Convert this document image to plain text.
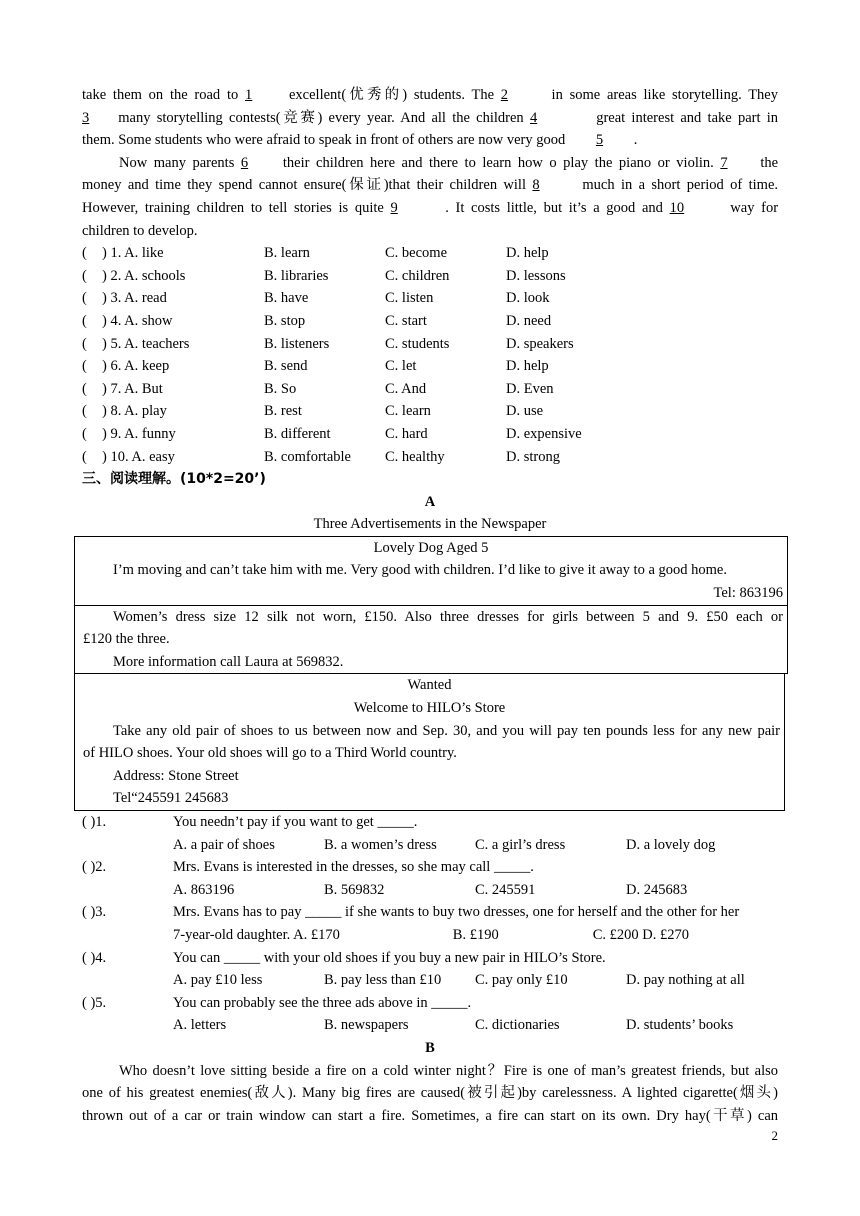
take them on the road to 1	excellent(优秀的) students. The 2	in some areas like storytelling. They
3 many storytelling contests(竞赛) every year. And all the children 4	great interest and take part in
them. Some students who were afraid to speak in front of others are now very good 5 .
Now many parents 6 their children here and there to learn how o play the piano or violin. 7 the
money and time they spend cannot ensure(保证)that their children will 8	much in a short period of time.
However, training children to tell stories is quite 9	. It costs little, but it’s a good and 10	way for
children to develop.
(	) 1. A. like	B. learn	C. become	D. help
(	) 2. A. schools	B. libraries	C. children	D. lessons
(	) 3. A. read	B. have	C. listen	D. look
(	) 4. A. show	B. stop	C. start	D. need
(	) 5. A. teachers	B. listeners	C. students	D. speakers
(	) 6. A. keep	B. send	C. let	D. help
(	) 7. A. But	B. So	C. And	D. Even
(	) 8. A. play	B. rest	C. learn	D. use
(	) 9. A. funny	B. different	C. hard	D. expensive
(	) 10. A. easy	B. comfortable	C. healthy	D. strong
三、阅读理解。(10*2=20’)
A
Three Advertisements in the Newspaper
Lovely Dog Aged 5
I’m moving and can’t take him with me. Very good with children. I’d like to give it away to a good home.
Tel: 863196
Women’s dress size 12 silk not worn, £150. Also three dresses for girls between 5 and 9. £50 each or
£120 the three.
More information call Laura at 569832.
Wanted
Welcome to HILO’s Store
Take any old pair of shoes to us between now and Sep. 30, and you will pay ten pounds less for any new pair
of HILO shoes. Your old shoes will go to a Third World country.
Address: Stone Street
Tel“245591 245683
( )1.	You needn’t pay if you want to get _____.
A. a pair of shoes	B. a women’s dress	C. a girl’s dress	D. a lovely dog
( )2.	Mrs. Evans is interested in the dresses, so she may call _____.
A. 863196	B. 569832	C. 245591	D. 245683
( )3.	Mrs. Evans has to pay _____ if she wants to buy two dresses, one for herself and the other for her
7-year-old daughter. A. £170	B. £190	C. £200 D. £270
( )4.	You can _____ with your old shoes if you buy a new pair in HILO’s Store.
A. pay £10 less	B. pay less than £10	C. pay only £10	D. pay nothing at all
( )5.	You can probably see the three ads above in _____.
A. letters	B. newspapers	C. dictionaries	D. students’ books
B
Who doesn’t love sitting beside a fire on a cold winter night？Fire is one of man’s greatest friends, but also
one of his greatest enemies(敌人). Many big fires are caused(被引起)by carelessness. A lighted cigarette(烟头)
thrown out of a car or train window can start a fire. Sometimes, a fire can start on its own. Dry hay(干草) can
2
